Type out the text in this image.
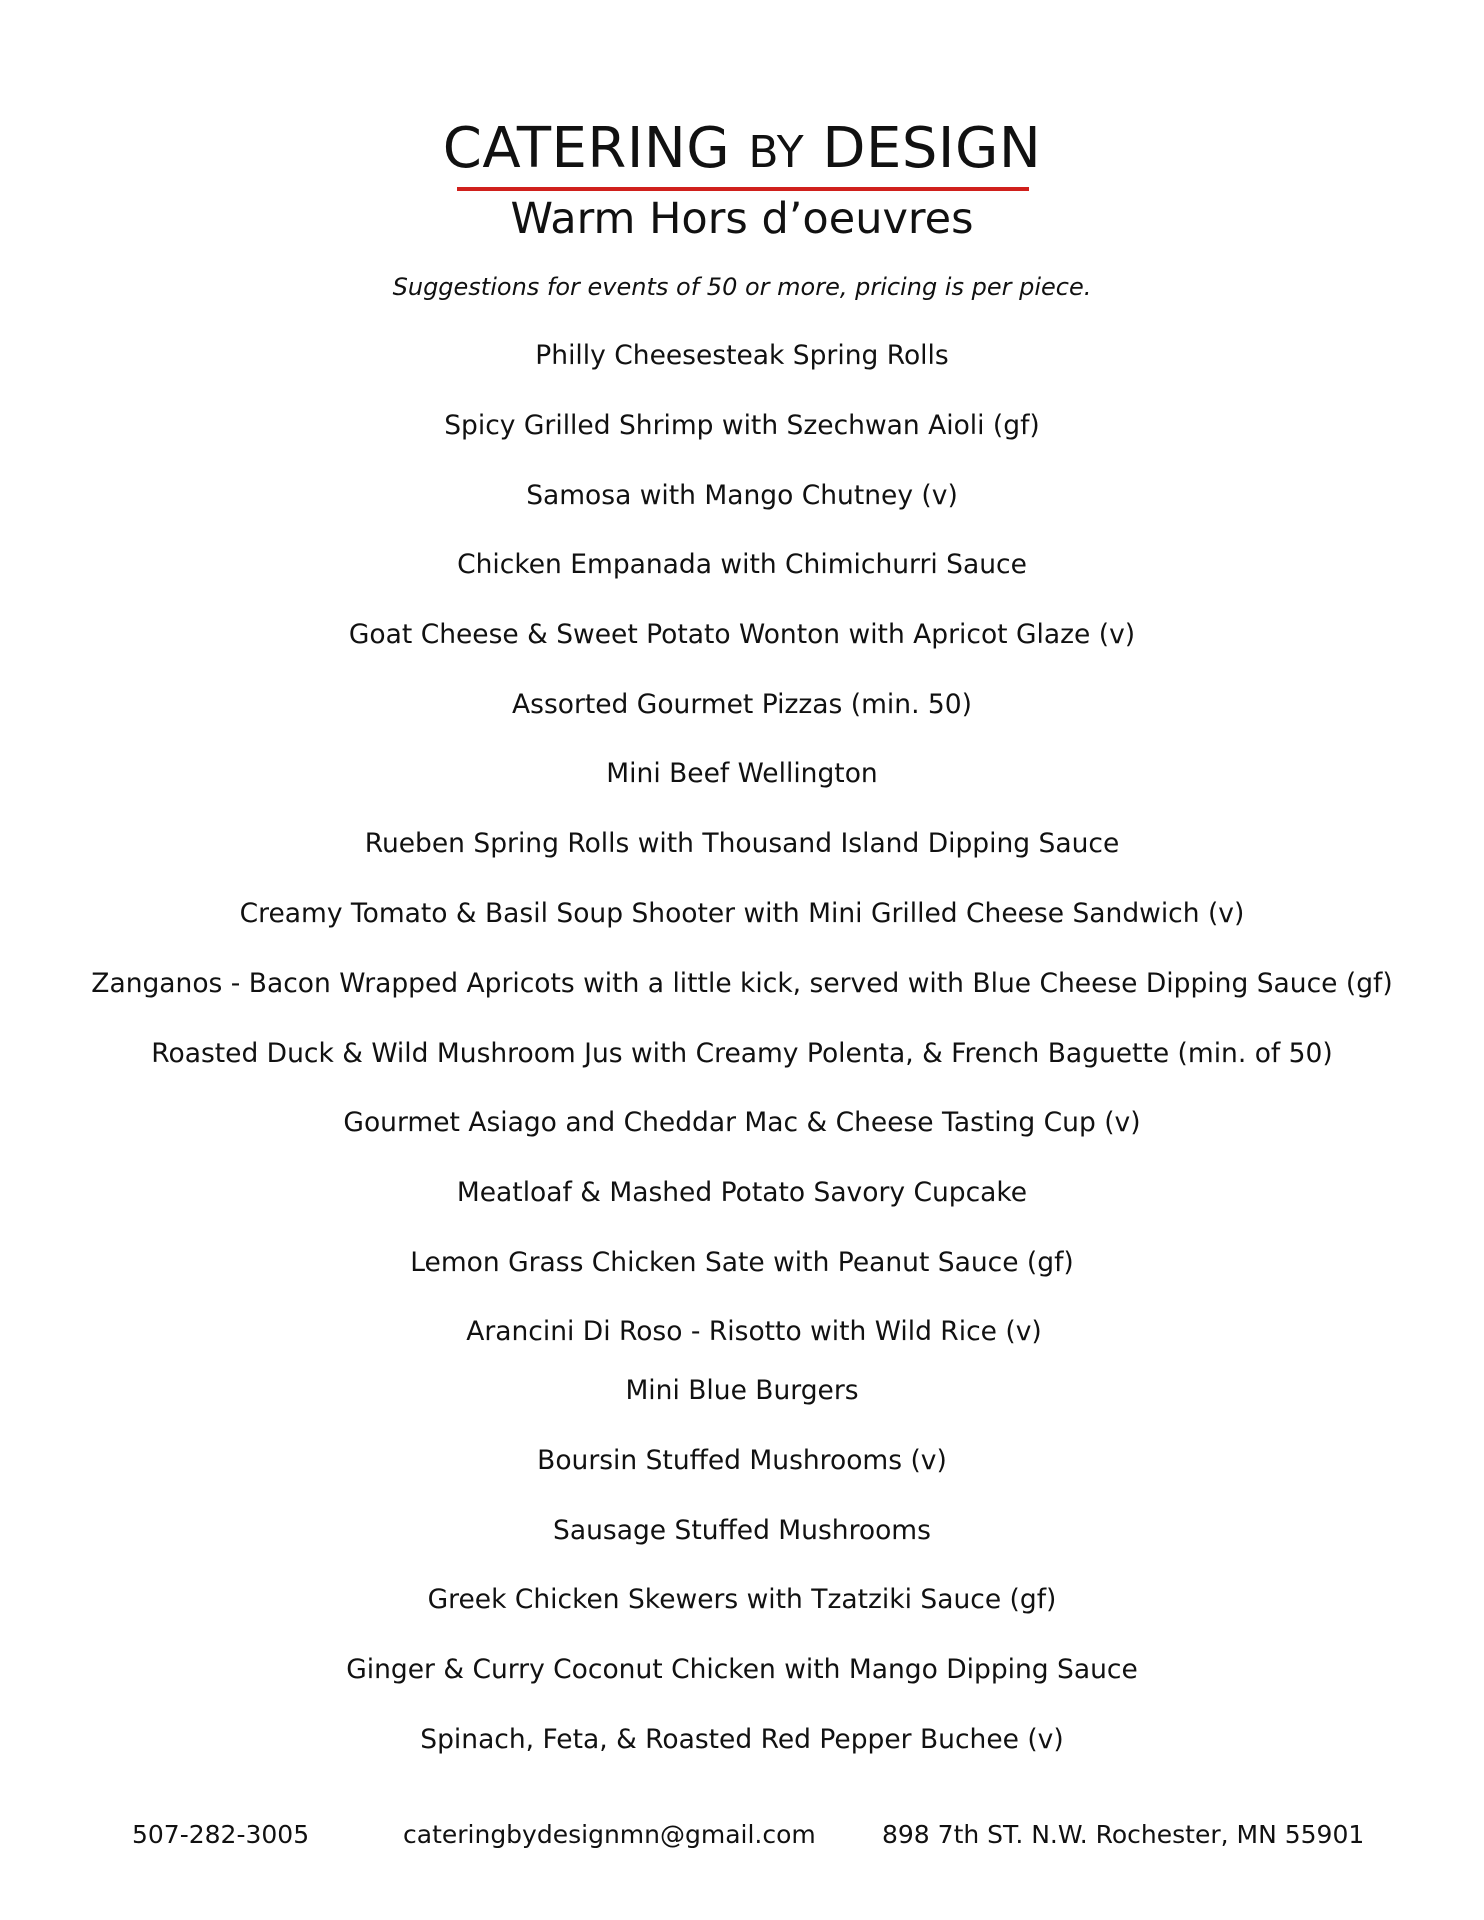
CATERING BY DESIGN
Warm Hors d’oeuvres
Suggestions for events of 50 or more, pricing is per piece.
Philly Cheesesteak Spring Rolls
Spicy Grilled Shrimp with Szechwan Aioli (gf)
Samosa with Mango Chutney (v)
Chicken Empanada with Chimichurri Sauce
Goat Cheese & Sweet Potato Wonton with Apricot Glaze (v)
Assorted Gourmet Pizzas (min. 50)
Mini Beef Wellington
Rueben Spring Rolls with Thousand Island Dipping Sauce
Creamy Tomato & Basil Soup Shooter with Mini Grilled Cheese Sandwich (v)
Zanganos - Bacon Wrapped Apricots with a little kick, served with Blue Cheese Dipping Sauce (gf)
Roasted Duck & Wild Mushroom Jus with Creamy Polenta, & French Baguette (min. of 50)
Gourmet Asiago and Cheddar Mac & Cheese Tasting Cup (v)
Meatloaf & Mashed Potato Savory Cupcake
Lemon Grass Chicken Sate with Peanut Sauce (gf)
Arancini Di Roso - Risotto with Wild Rice (v)
Mini Blue Burgers
Boursin Stuffed Mushrooms (v)
Sausage Stuffed Mushrooms
Greek Chicken Skewers with Tzatziki Sauce (gf)
Ginger & Curry Coconut Chicken with Mango Dipping Sauce
Spinach, Feta, & Roasted Red Pepper Buchee (v)
507-282-3005	cateringbydesignmn@gmail.com	898 7th ST. N.W. Rochester, MN 55901
